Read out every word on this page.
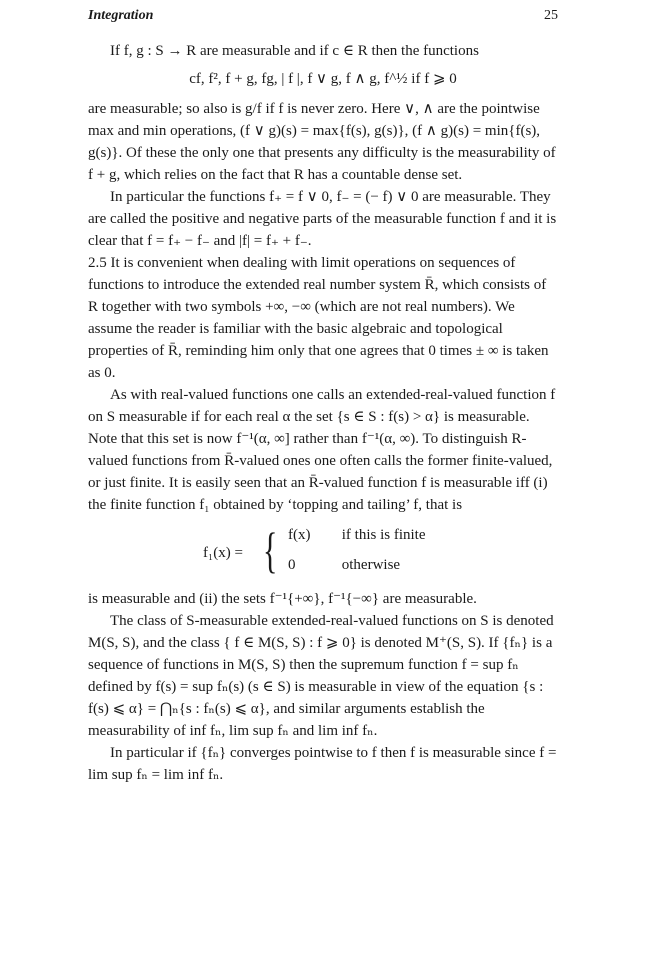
Integration	25

If f, g : S → R are measurable and if c ∈ R then the functions

cf, f², f + g, fg, | f |, f ∨ g, f ∧ g, f^½ if f ⩾ 0

are measurable; so also is g/f if f is never zero. Here ∨, ∧ are the pointwise max and min operations, (f ∨ g)(s) = max{f(s), g(s)}, (f ∧ g)(s) = min{f(s), g(s)}. Of these the only one that presents any difficulty is the measurability of f + g, which relies on the fact that R has a countable dense set.

In particular the functions f₊ = f ∨ 0, f₋ = (− f) ∨ 0 are measurable. They are called the positive and negative parts of the measurable function f and it is clear that f = f₊ − f₋ and |f| = f₊ + f₋.

2.5 It is convenient when dealing with limit operations on sequences of functions to introduce the extended real number system R̄, which consists of R together with two symbols +∞, −∞ (which are not real numbers). We assume the reader is familiar with the basic algebraic and topological properties of R̄, reminding him only that one agrees that 0 times ± ∞ is taken as 0.

As with real-valued functions one calls an extended-real-valued function f on S measurable if for each real α the set {s ∈ S : f(s) > α} is measurable. Note that this set is now f⁻¹(α, ∞] rather than f⁻¹(α, ∞). To distinguish R-valued functions from R̄-valued ones one often calls the former finite-valued, or just finite. It is easily seen that an R̄-valued function f is measurable iff (i) the finite function f₁ obtained by ‘topping and tailing’ f, that is

f₁(x) = { f(x) if this is finite
0	otherwise

is measurable and (ii) the sets f⁻¹{+∞}, f⁻¹{−∞} are measurable.

The class of S-measurable extended-real-valued functions on S is denoted M(S, S), and the class { f ∈ M(S, S) : f ⩾ 0} is denoted M⁺(S, S). If {fₙ} is a sequence of functions in M(S, S) then the supremum function f = sup fₙ defined by f(s) = sup fₙ(s) (s ∈ S) is measurable in view of the equation {s : f(s) ⩽ α} = ⋂ₙ{s : fₙ(s) ⩽ α}, and similar arguments establish the measurability of inf fₙ, lim sup fₙ and lim inf fₙ.

In particular if {fₙ} converges pointwise to f then f is measurable since f = lim sup fₙ = lim inf fₙ.
